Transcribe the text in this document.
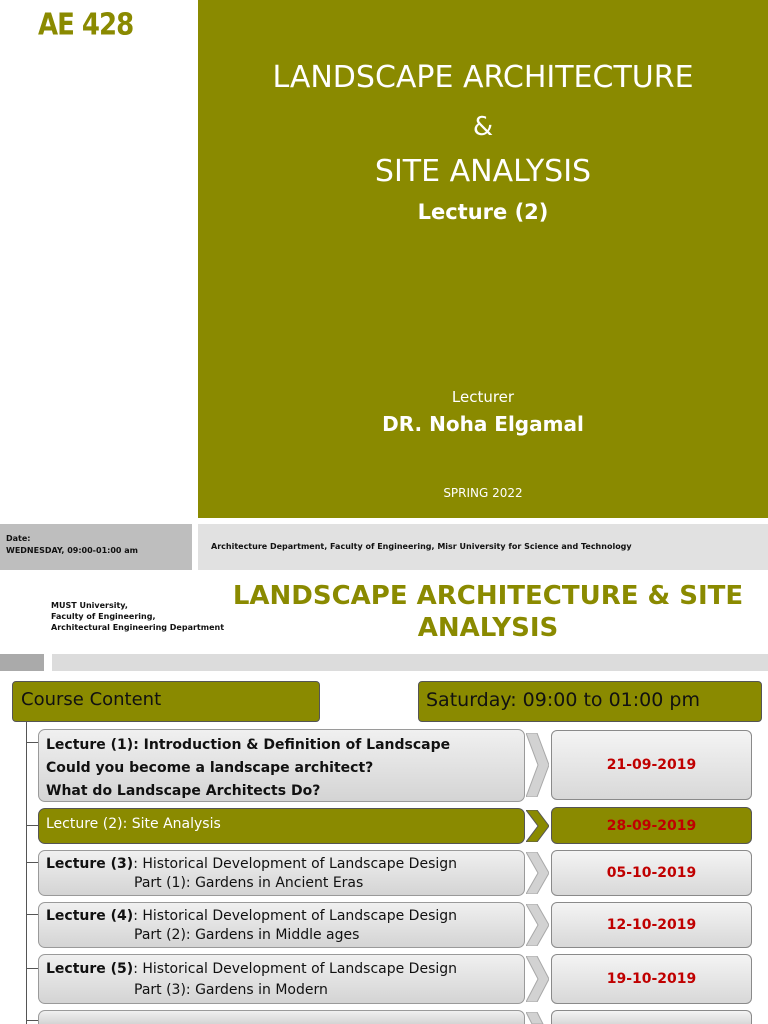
AE 428
LANDSCAPE ARCHITECTURE
&
SITE ANALYSIS
Lecture (2)
Lecturer
DR. Noha Elgamal
SPRING 2022
Date:
WEDNESDAY, 09:00-01:00 am	Architecture Department, Faculty of Engineering, Misr University for Science and Technology
MUST University,
Faculty of Engineering,
Architectural Engineering Department
LANDSCAPE ARCHITECTURE & SITE
ANALYSIS
Course Content	Saturday: 09:00 to 01:00 pm
Lecture (1): Introduction & Definition of Landscape
Could you become a landscape architect?
What do Landscape Architects Do?
21-09-2019
Lecture (2): Site Analysis	28-09-2019
Lecture (3): Historical Development of Landscape Design
Part (1): Gardens in Ancient Eras
05-10-2019
Lecture (4): Historical Development of Landscape Design
Part (2): Gardens in Middle ages
12-10-2019
Lecture (5): Historical Development of Landscape Design
Part (3): Gardens in Modern
19-10-2019
